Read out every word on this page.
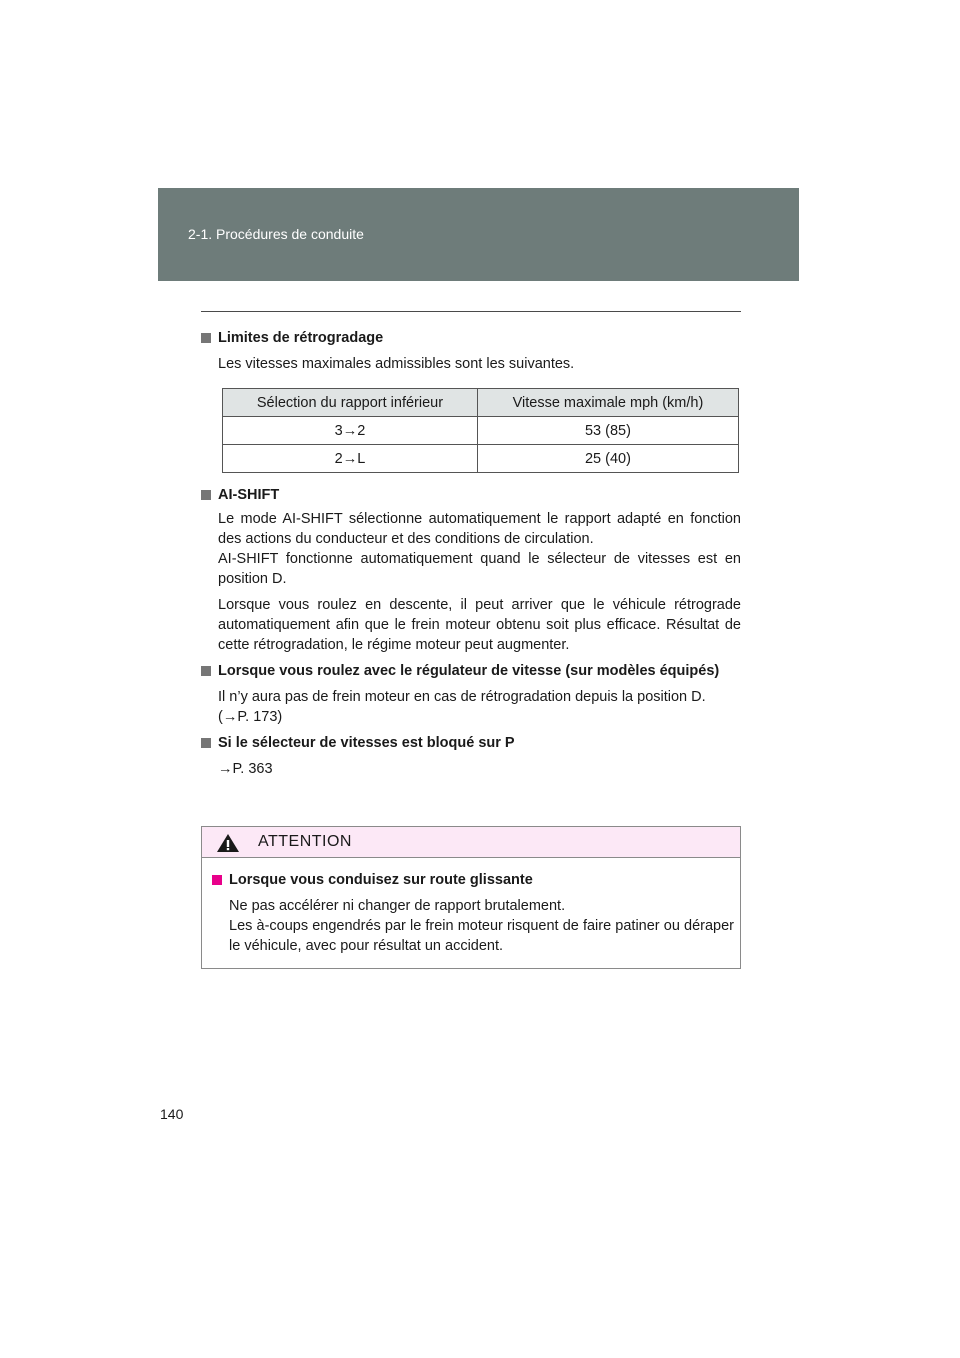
2-1. Procédures de conduite

Limites de rétrogradage

Les vitesses maximales admissibles sont les suivantes.

Sélection du rapport inférieur	Vitesse maximale mph (km/h)
3→2	53 (85)
2→L	25 (40)

AI-SHIFT

Le mode AI-SHIFT sélectionne automatiquement le rapport adapté en fonction des actions du conducteur et des conditions de circulation.
AI-SHIFT fonctionne automatiquement quand le sélecteur de vitesses est en position D.

Lorsque vous roulez en descente, il peut arriver que le véhicule rétrograde automatiquement afin que le frein moteur obtenu soit plus efficace. Résultat de cette rétrogradation, le régime moteur peut augmenter.

Lorsque vous roulez avec le régulateur de vitesse (sur modèles équipés)

Il n’y aura pas de frein moteur en cas de rétrogradation depuis la position D.
(→P. 173)

Si le sélecteur de vitesses est bloqué sur P

→P. 363

ATTENTION

Lorsque vous conduisez sur route glissante

Ne pas accélérer ni changer de rapport brutalement.
Les à-coups engendrés par le frein moteur risquent de faire patiner ou déraper le véhicule, avec pour résultat un accident.

140
